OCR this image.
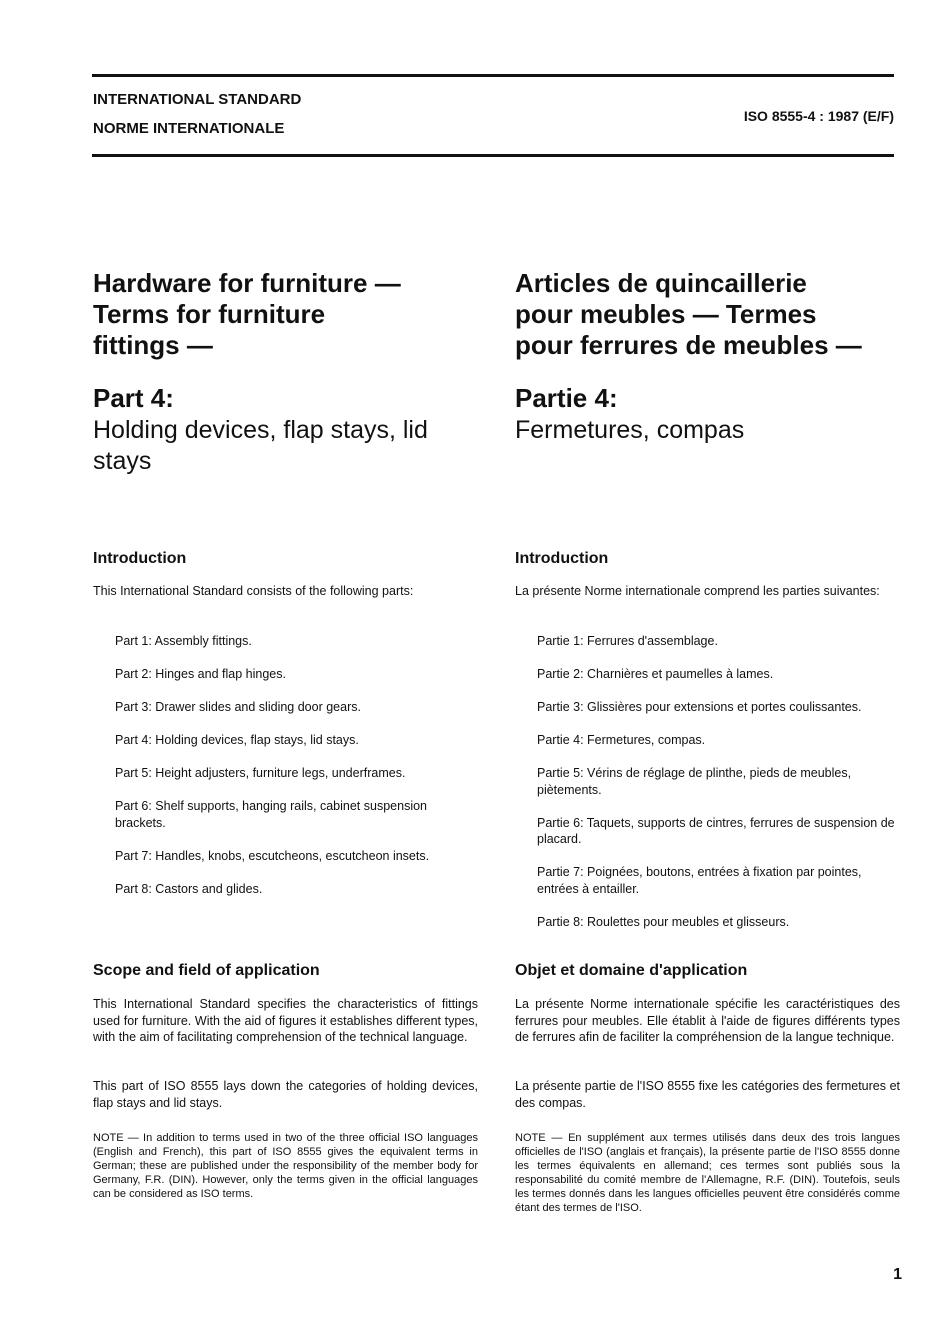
INTERNATIONAL STANDARD
NORME INTERNATIONALE
ISO 8555-4 : 1987 (E/F)
Hardware for furniture —
Terms for furniture
fittings —
Part 4:
Holding devices, flap stays, lid
stays
Introduction
This International Standard consists of the following parts:
Part 1: Assembly fittings.
Part 2: Hinges and flap hinges.
Part 3: Drawer slides and sliding door gears.
Part 4: Holding devices, flap stays, lid stays.
Part 5: Height adjusters, furniture legs, underframes.
Part 6: Shelf supports, hanging rails, cabinet suspension brackets.
Part 7: Handles, knobs, escutcheons, escutcheon insets.
Part 8: Castors and glides.
Scope and field of application
This International Standard specifies the characteristics of fittings used for furniture. With the aid of figures it establishes different types, with the aim of facilitating comprehension of the technical language.
This part of ISO 8555 lays down the categories of holding devices, flap stays and lid stays.
NOTE — In addition to terms used in two of the three official ISO languages (English and French), this part of ISO 8555 gives the equivalent terms in German; these are published under the responsibility of the member body for Germany, F.R. (DIN). However, only the terms given in the official languages can be considered as ISO terms.
Articles de quincaillerie
pour meubles — Termes
pour ferrures de meubles —
Partie 4:
Fermetures, compas
Introduction
La présente Norme internationale comprend les parties suivantes:
Partie 1: Ferrures d'assemblage.
Partie 2: Charnières et paumelles à lames.
Partie 3: Glissières pour extensions et portes coulissantes.
Partie 4: Fermetures, compas.
Partie 5: Vérins de réglage de plinthe, pieds de meubles, piètements.
Partie 6: Taquets, supports de cintres, ferrures de suspension de placard.
Partie 7: Poignées, boutons, entrées à fixation par pointes, entrées à entailler.
Partie 8: Roulettes pour meubles et glisseurs.
Objet et domaine d'application
La présente Norme internationale spécifie les caractéristiques des ferrures pour meubles. Elle établit à l'aide de figures différents types de ferrures afin de faciliter la compréhension de la langue technique.
La présente partie de l'ISO 8555 fixe les catégories des fermetures et des compas.
NOTE — En supplément aux termes utilisés dans deux des trois langues officielles de l'ISO (anglais et français), la présente partie de l'ISO 8555 donne les termes équivalents en allemand; ces termes sont publiés sous la responsabilité du comité membre de l'Allemagne, R.F. (DIN). Toutefois, seuls les termes donnés dans les langues officielles peuvent être considérés comme étant des termes de l'ISO.
1
